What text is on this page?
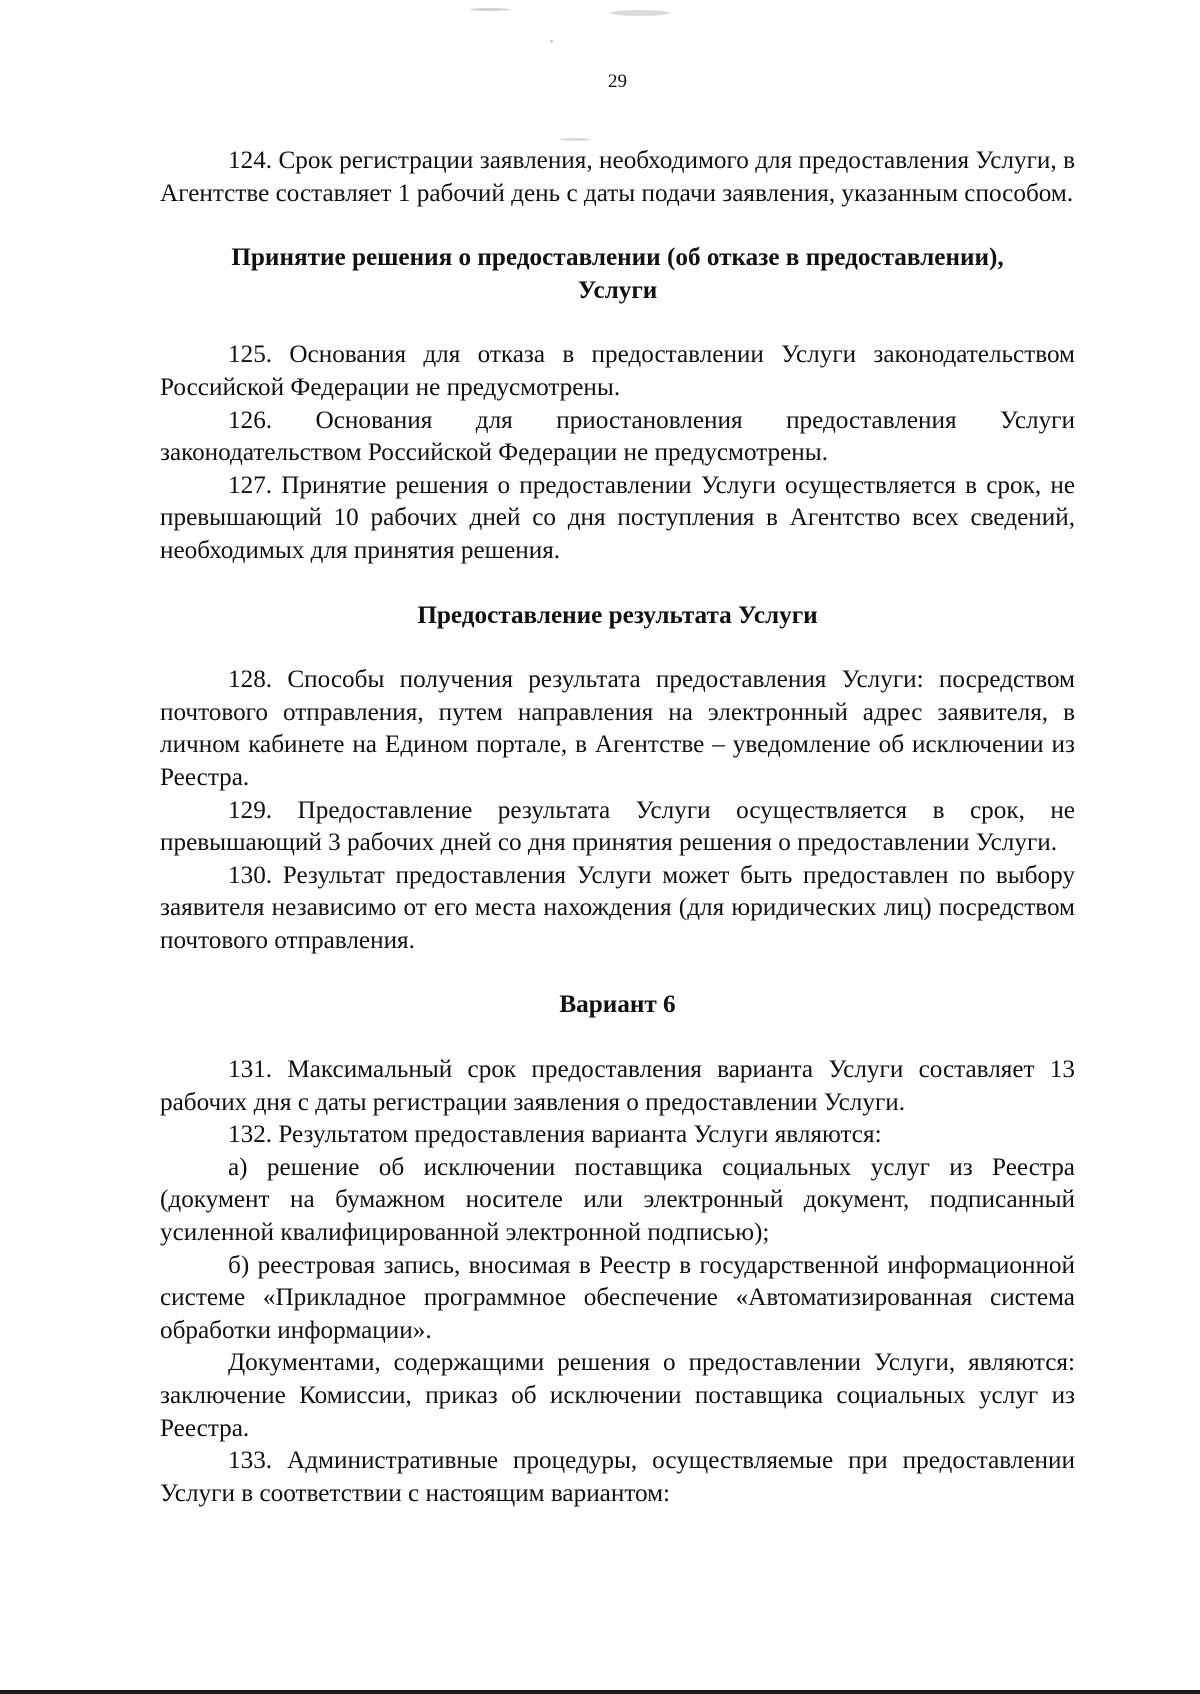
29

124. Срок регистрации заявления, необходимого для предоставления Услуги, в Агентстве составляет 1 рабочий день с даты подачи заявления, указанным способом.

Принятие решения о предоставлении (об отказе в предоставлении), Услуги

125. Основания для отказа в предоставлении Услуги законодательством Российской Федерации не предусмотрены.

126. Основания для приостановления предоставления Услуги законодательством Российской Федерации не предусмотрены.

127. Принятие решения о предоставлении Услуги осуществляется в срок, не превышающий 10 рабочих дней со дня поступления в Агентство всех сведений, необходимых для принятия решения.

Предоставление результата Услуги

128. Способы получения результата предоставления Услуги: посредством почтового отправления, путем направления на электронный адрес заявителя, в личном кабинете на Едином портале, в Агентстве – уведомление об исключении из Реестра.

129. Предоставление результата Услуги осуществляется в срок, не превышающий 3 рабочих дней со дня принятия решения о предоставлении Услуги.

130. Результат предоставления Услуги может быть предоставлен по выбору заявителя независимо от его места нахождения (для юридических лиц) посредством почтового отправления.

Вариант 6

131. Максимальный срок предоставления варианта Услуги составляет 13 рабочих дня с даты регистрации заявления о предоставлении Услуги.

132. Результатом предоставления варианта Услуги являются:

а) решение об исключении поставщика социальных услуг из Реестра (документ на бумажном носителе или электронный документ, подписанный усиленной квалифицированной электронной подписью);

б) реестровая запись, вносимая в Реестр в государственной информационной системе «Прикладное программное обеспечение «Автоматизированная система обработки информации».

Документами, содержащими решения о предоставлении Услуги, являются: заключение Комиссии, приказ об исключении поставщика социальных услуг из Реестра.

133. Административные процедуры, осуществляемые при предоставлении Услуги в соответствии с настоящим вариантом:
